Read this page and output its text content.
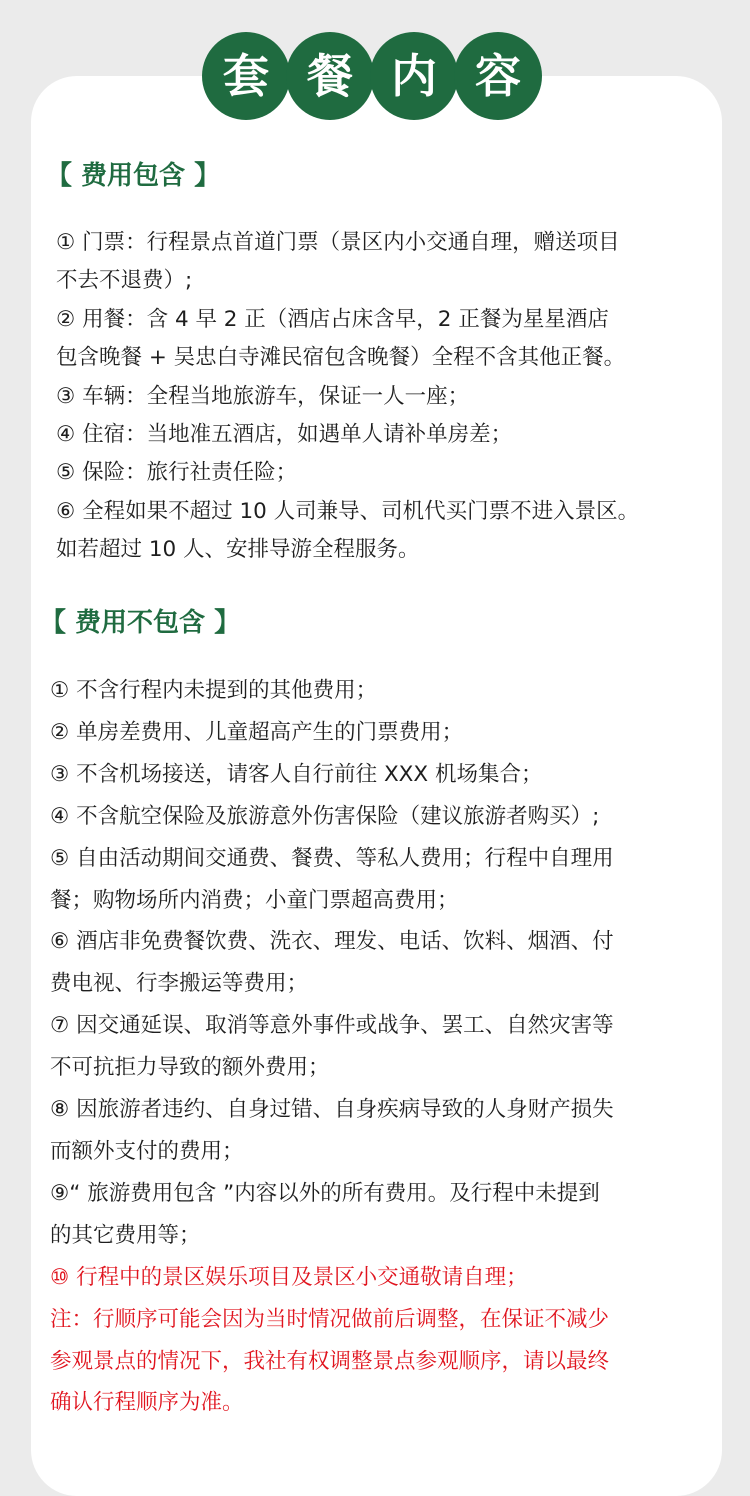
套 餐 内 容
【 费用包含 】
① 门票：行程景点首道门票（景区内小交通自理，赠送项目
不去不退费）;
② 用餐：含 4 早 2 正（酒店占床含早，2 正餐为星星酒店
包含晚餐 + 吴忠白寺滩民宿包含晚餐）全程不含其他正餐。
③ 车辆：全程当地旅游车，保证一人一座；
④ 住宿：当地准五酒店，如遇单人请补单房差；
⑤ 保险：旅行社责任险；
⑥ 全程如果不超过 10 人司兼导、司机代买门票不进入景区。
如若超过 10 人、安排导游全程服务。
【 费用不包含 】
① 不含行程内未提到的其他费用；
② 单房差费用、儿童超高产生的门票费用；
③ 不含机场接送，请客人自行前往 XXX 机场集合；
④ 不含航空保险及旅游意外伤害保险（建议旅游者购买）;
⑤ 自由活动期间交通费、餐费、等私人费用；行程中自理用
餐；购物场所内消费；小童门票超高费用；
⑥ 酒店非免费餐饮费、洗衣、理发、电话、饮料、烟酒、付
费电视、行李搬运等费用；
⑦ 因交通延误、取消等意外事件或战争、罢工、自然灾害等
不可抗拒力导致的额外费用；
⑧ 因旅游者违约、自身过错、自身疾病导致的人身财产损失
而额外支付的费用；
⑨“ 旅游费用包含 ”内容以外的所有费用。及行程中未提到
的其它费用等；
⑩ 行程中的景区娱乐项目及景区小交通敬请自理；
注：行顺序可能会因为当时情况做前后调整，在保证不减少
参观景点的情况下，我社有权调整景点参观顺序，请以最终
确认行程顺序为准。
